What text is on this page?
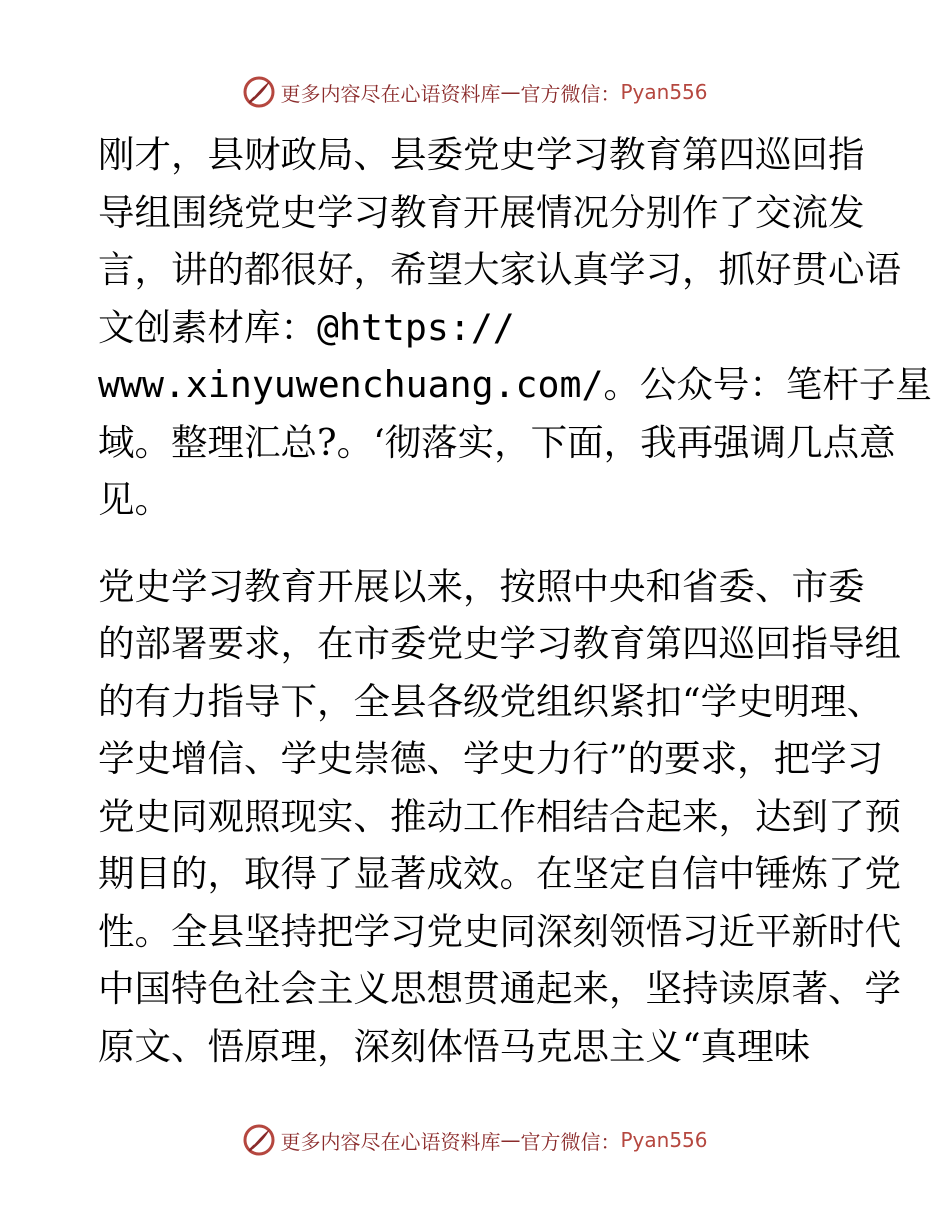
更多内容尽在心语资料库 — 官方微信： Pyan556
刚才，县财政局、县委党史学习教育第四巡回指
导组围绕党史学习教育开展情况分别作了交流发
言，讲的都很好，希望大家认真学习，抓好贯心语
文创素材库：@https://
www.xinyuwenchuang.com/。公众号：笔杆子星
域。整理汇总?。‘彻落实，下面，我再强调几点意
见。
党史学习教育开展以来，按照中央和省委、市委
的部署要求，在市委党史学习教育第四巡回指导组
的有力指导下，全县各级党组织紧扣“学史明理、
学史增信、学史崇德、学史力行”的要求，把学习
党史同观照现实、推动工作相结合起来，达到了预
期目的，取得了显著成效。在坚定自信中锤炼了党
性。全县坚持把学习党史同深刻领悟习近平新时代
中国特色社会主义思想贯通起来，坚持读原著、学
原文、悟原理，深刻体悟马克思主义“真理味
更多内容尽在心语资料库 — 官方微信： Pyan556
